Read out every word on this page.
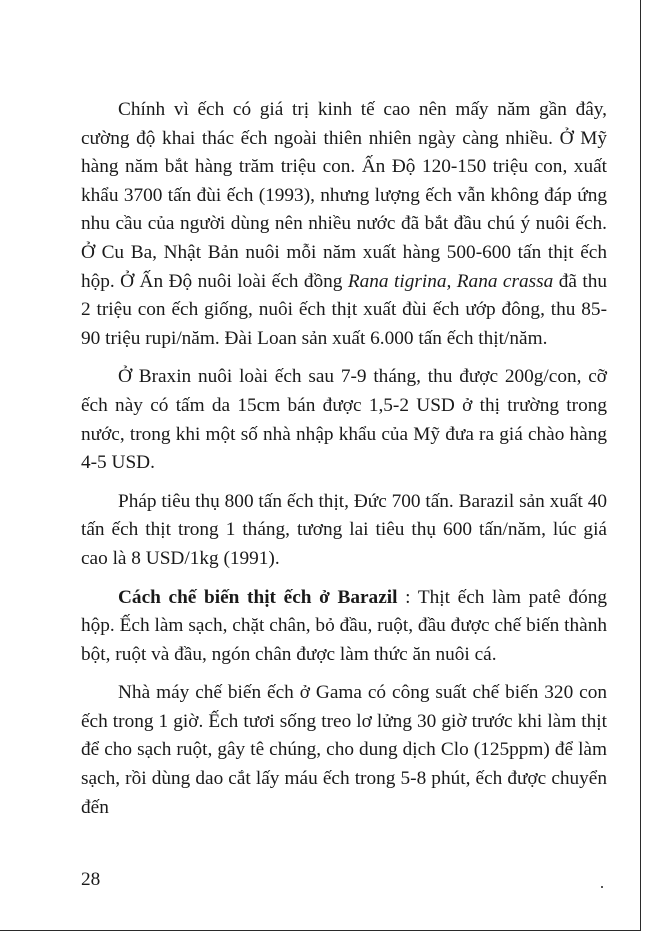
Chính vì ếch có giá trị kinh tế cao nên mấy năm gần đây, cường độ khai thác ếch ngoài thiên nhiên ngày càng nhiều. Ở Mỹ hàng năm bắt hàng trăm triệu con. Ấn Độ 120-150 triệu con, xuất khẩu 3700 tấn đùi ếch (1993), nhưng lượng ếch vẫn không đáp ứng nhu cầu của người dùng nên nhiều nước đã bắt đầu chú ý nuôi ếch. Ở Cu Ba, Nhật Bản nuôi mỗi năm xuất hàng 500-600 tấn thịt ếch hộp. Ở Ấn Độ nuôi loài ếch đồng Rana tigrina, Rana crassa đã thu 2 triệu con ếch giống, nuôi ếch thịt xuất đùi ếch ướp đông, thu 85-90 triệu rupi/năm. Đài Loan sản xuất 6.000 tấn ếch thịt/năm.

Ở Braxin nuôi loài ếch sau 7-9 tháng, thu được 200g/con, cỡ ếch này có tấm da 15cm bán được 1,5-2 USD ở thị trường trong nước, trong khi một số nhà nhập khẩu của Mỹ đưa ra giá chào hàng 4-5 USD.

Pháp tiêu thụ 800 tấn ếch thịt, Đức 700 tấn. Barazil sản xuất 40 tấn ếch thịt trong 1 tháng, tương lai tiêu thụ 600 tấn/năm, lúc giá cao là 8 USD/1kg (1991).

Cách chế biến thịt ếch ở Barazil : Thịt ếch làm patê đóng hộp. Ếch làm sạch, chặt chân, bỏ đầu, ruột, đầu được chế biến thành bột, ruột và đầu, ngón chân được làm thức ăn nuôi cá.

Nhà máy chế biến ếch ở Gama có công suất chế biến 320 con ếch trong 1 giờ. Ếch tươi sống treo lơ lửng 30 giờ trước khi làm thịt để cho sạch ruột, gây tê chúng, cho dung dịch Clo (125ppm) để làm sạch, rồi dùng dao cắt lấy máu ếch trong 5-8 phút, ếch được chuyển đến

28
